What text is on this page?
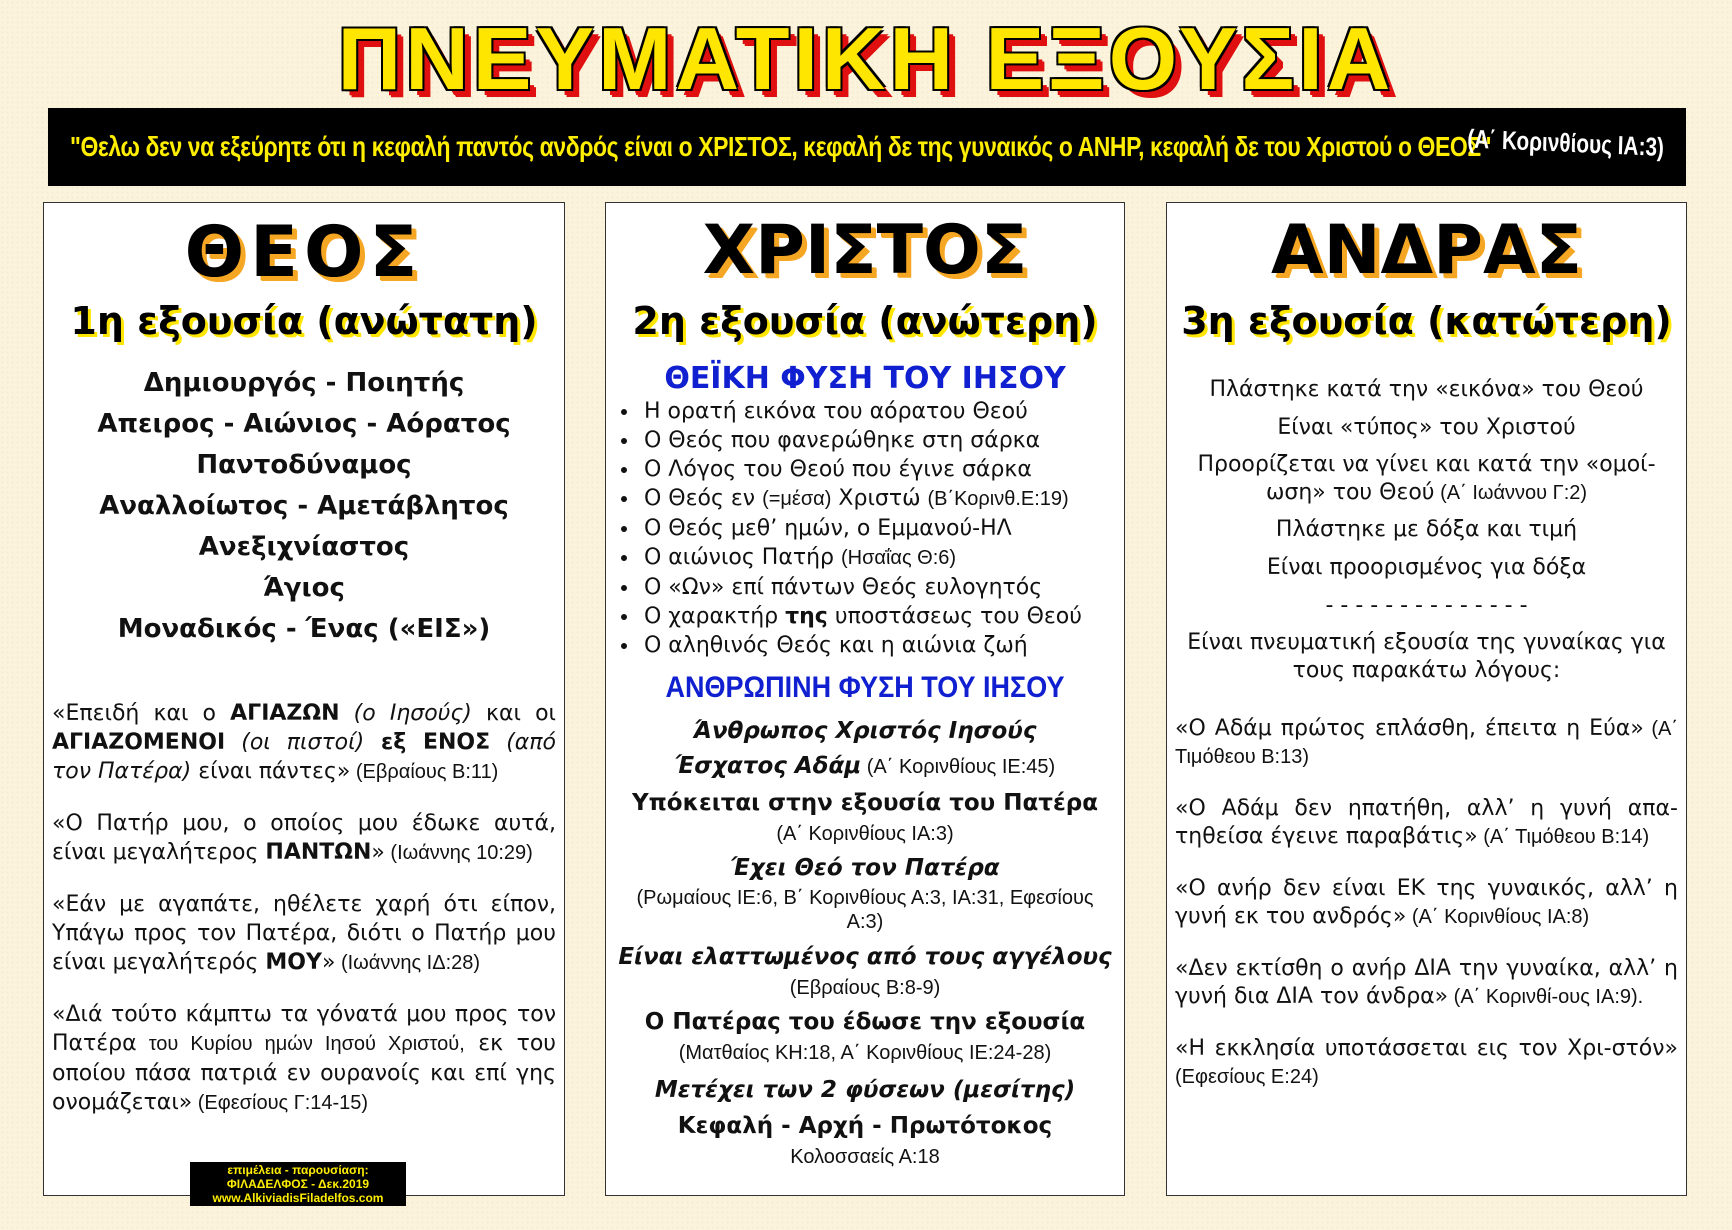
ΠΝΕΥΜΑΤΙΚΗ ΕΞΟΥΣΙΑ
"Θελω δεν να εξεύρητε ότι η κεφαλή παντός ανδρός είναι ο ΧΡΙΣΤΟΣ, κεφαλή δε της γυναικός ο ΑΝΗΡ, κεφαλή δε του Χριστού ο ΘΕΟΣ"
(Α΄ Κορινθίους ΙΑ:3)
ΘΕΟΣ
1η εξουσία (ανώτατη)
Δημιουργός - Ποιητής
Απειρος - Αιώνιος - Αόρατος
Παντοδύναμος
Αναλλοίωτος - Αμετάβλητος
Ανεξιχνίαστος
Άγιος
Μοναδικός - Ένας («ΕΙΣ»)

«Επειδή και ο ΑΓΙΑΖΩΝ (ο Ιησούς) και οι ΑΓΙΑΖΟΜΕΝΟΙ (οι πιστοί) εξ ΕΝΟΣ (από τον Πατέρα) είναι πάντες» (Εβραίους Β:11)

«Ο Πατήρ μου, ο οποίος μου έδωκε αυτά, είναι μεγαλήτερος ΠΑΝΤΩΝ» (Ιωάννης 10:29)

«Εάν με αγαπάτε, ηθέλετε χαρή ότι είπον, Υπάγω προς τον Πατέρα, διότι ο Πατήρ μου είναι μεγαλήτερός ΜΟΥ» (Ιωάννης ΙΔ:28)

«Διά τούτο κάμπτω τα γόνατά μου προς τον Πατέρα του Κυρίου ημών Ιησού Χριστού, εκ του οποίου πάσα πατριά εν ουρανοίς και επί γης ονομάζεται» (Εφεσίους Γ:14-15)

ΧΡΙΣΤΟΣ
2η εξουσία (ανώτερη)
ΘΕΪΚΗ ΦΥΣΗ ΤΟΥ ΙΗΣΟΥ
• Η ορατή εικόνα του αόρατου Θεού
• Ο Θεός που φανερώθηκε στη σάρκα
• Ο Λόγος του Θεού που έγινε σάρκα
• Ο Θεός εν (=μέσα) Χριστώ (Β΄Κορινθ.Ε:19)
• Ο Θεός μεθ’ ημών, ο Εμμανού-ΗΛ
• Ο αιώνιος Πατήρ (Ησαΐας Θ:6)
• Ο «Ων» επί πάντων Θεός ευλογητός
• Ο χαρακτήρ της υποστάσεως του Θεού
• Ο αληθινός Θεός και η αιώνια ζωή
ΑΝΘΡΩΠΙΝΗ ΦΥΣΗ ΤΟΥ ΙΗΣΟΥ
Άνθρωπος Χριστός Ιησούς
Έσχατος Αδάμ (Α΄ Κορινθίους ΙΕ:45)
Υπόκειται στην εξουσία του Πατέρα
(Α΄ Κορινθίους ΙΑ:3)
Έχει Θεό τον Πατέρα
(Ρωμαίους ΙΕ:6, Β΄ Κορινθίους Α:3, ΙΑ:31, Εφεσίους Α:3)
Είναι ελαττωμένος από τους αγγέλους
(Εβραίους Β:8-9)
Ο Πατέρας του έδωσε την εξουσία
(Ματθαίος ΚΗ:18, Α΄ Κορινθίους ΙΕ:24-28)
Μετέχει των 2 φύσεων (μεσίτης)
Κεφαλή - Αρχή - Πρωτότοκος
Κολοσσαείς Α:18
ΑΝΔΡΑΣ
3η εξουσία (κατώτερη)
Πλάστηκε κατά την «εικόνα» του Θεού
Είναι «τύπος» του Χριστού
Προορίζεται να γίνει και κατά την «ομοί-ωση» του Θεού (Α΄ Ιωάννου Γ:2)
Πλάστηκε με δόξα και τιμή
Είναι προορισμένος για δόξα
- - - - - - - - - - - - - -
Είναι πνευματική εξουσία της γυναίκας για τους παρακάτω λόγους:
«Ο Αδάμ πρώτος επλάσθη, έπειτα η Εύα» (Α΄ Τιμόθεου Β:13)
«Ο Αδάμ δεν ηπατήθη, αλλ’ η γυνή απα-τηθείσα έγεινε παραβάτις» (Α΄ Τιμόθεου Β:14)
«Ο ανήρ δεν είναι ΕΚ της γυναικός, αλλ’ η γυνή εκ του ανδρός» (Α΄ Κορινθίους ΙΑ:8)
«Δεν εκτίσθη ο ανήρ ΔΙΑ την γυναίκα, αλλ’ η γυνή δια ΔΙΑ τον άνδρα» (Α΄ Κορινθί-ους ΙΑ:9).
«Η εκκλησία υποτάσσεται εις τον Χρι-στόν» (Εφεσίους Ε:24)
επιμέλεια - παρουσίαση:
ΦΙΛΑΔΕΛΦΟΣ - Δεκ.2019
www.AlkiviadisFiladelfos.com
